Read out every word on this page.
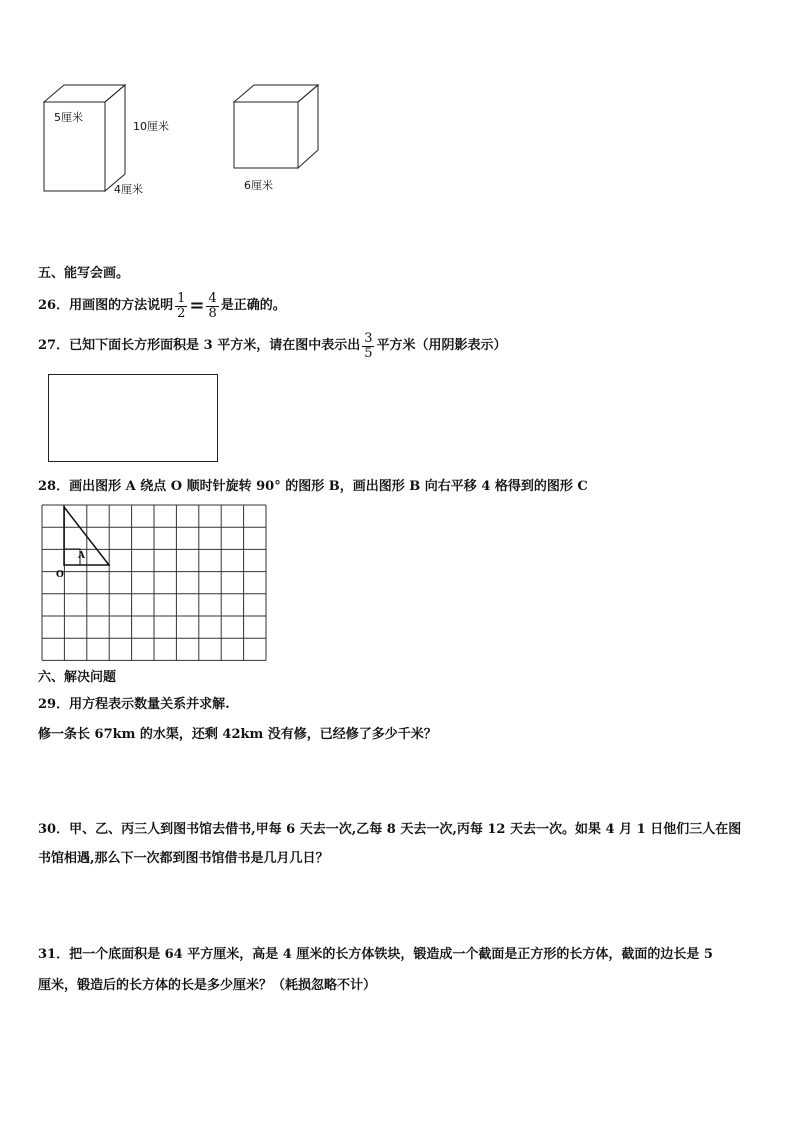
5厘米
10厘米
4厘米	6厘米
五、能写会画。
26．用画图的方法说明 $\frac{1}{2} = \frac{4}{8}$ 是正确的。
27．已知下面长方形面积是 3 平方米，请在图中表示出 $\frac{3}{5}$ 平方米（用阴影表示）
28．画出图形 A 绕点 O 顺时针旋转 90° 的图形 B，画出图形 B 向右平移 4 格得到的图形 C
A
O
六、解决问题
29．用方程表示数量关系并求解.
修一条长 67km 的水渠，还剩 42km 没有修，已经修了多少千米？
30．甲、乙、丙三人到图书馆去借书,甲每 6 天去一次,乙每 8 天去一次,丙每 12 天去一次。如果 4 月 1 日他们三人在图
书馆相遇,那么下一次都到图书馆借书是几月几日？
31．把一个底面积是 64 平方厘米，高是 4 厘米的长方体铁块，锻造成一个截面是正方形的长方体，截面的边长是 5
厘米，锻造后的长方体的长是多少厘米？（耗损忽略不计）
